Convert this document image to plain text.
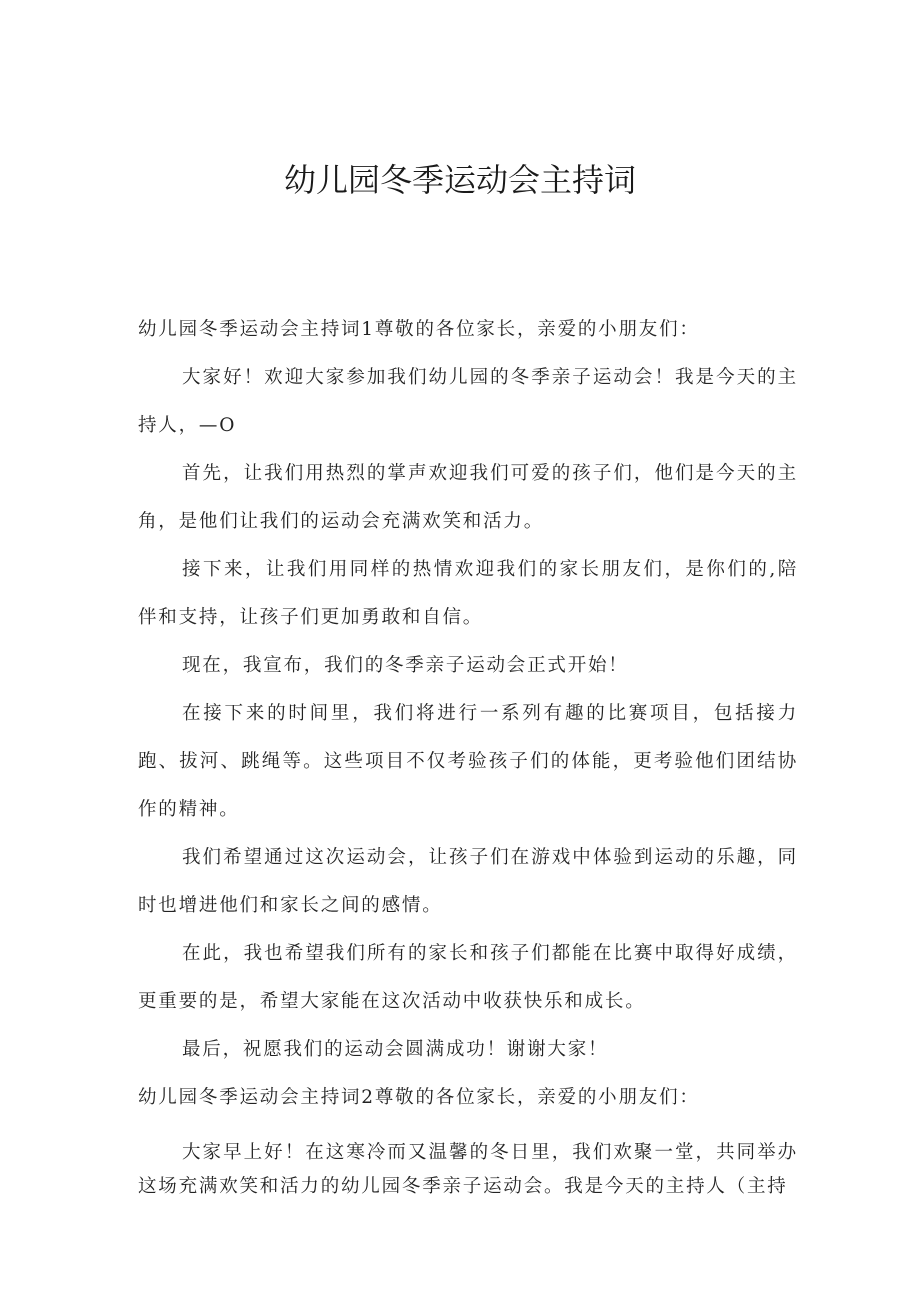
幼儿园冬季运动会主持词

幼儿园冬季运动会主持词1尊敬的各位家长，亲爱的小朋友们：

大家好！欢迎大家参加我们幼儿园的冬季亲子运动会！我是今天的主持人，—O

首先，让我们用热烈的掌声欢迎我们可爱的孩子们，他们是今天的主角，是他们让我们的运动会充满欢笑和活力。

接下来，让我们用同样的热情欢迎我们的家长朋友们，是你们的,陪伴和支持，让孩子们更加勇敢和自信。

现在，我宣布，我们的冬季亲子运动会正式开始！

在接下来的时间里，我们将进行一系列有趣的比赛项目，包括接力跑、拔河、跳绳等。这些项目不仅考验孩子们的体能，更考验他们团结协作的精神。

我们希望通过这次运动会，让孩子们在游戏中体验到运动的乐趣，同时也增进他们和家长之间的感情。

在此，我也希望我们所有的家长和孩子们都能在比赛中取得好成绩，更重要的是，希望大家能在这次活动中收获快乐和成长。

最后，祝愿我们的运动会圆满成功！谢谢大家！

幼儿园冬季运动会主持词2尊敬的各位家长，亲爱的小朋友们：

大家早上好！在这寒冷而又温馨的冬日里，我们欢聚一堂，共同举办这场充满欢笑和活力的幼儿园冬季亲子运动会。我是今天的主持人（主持
